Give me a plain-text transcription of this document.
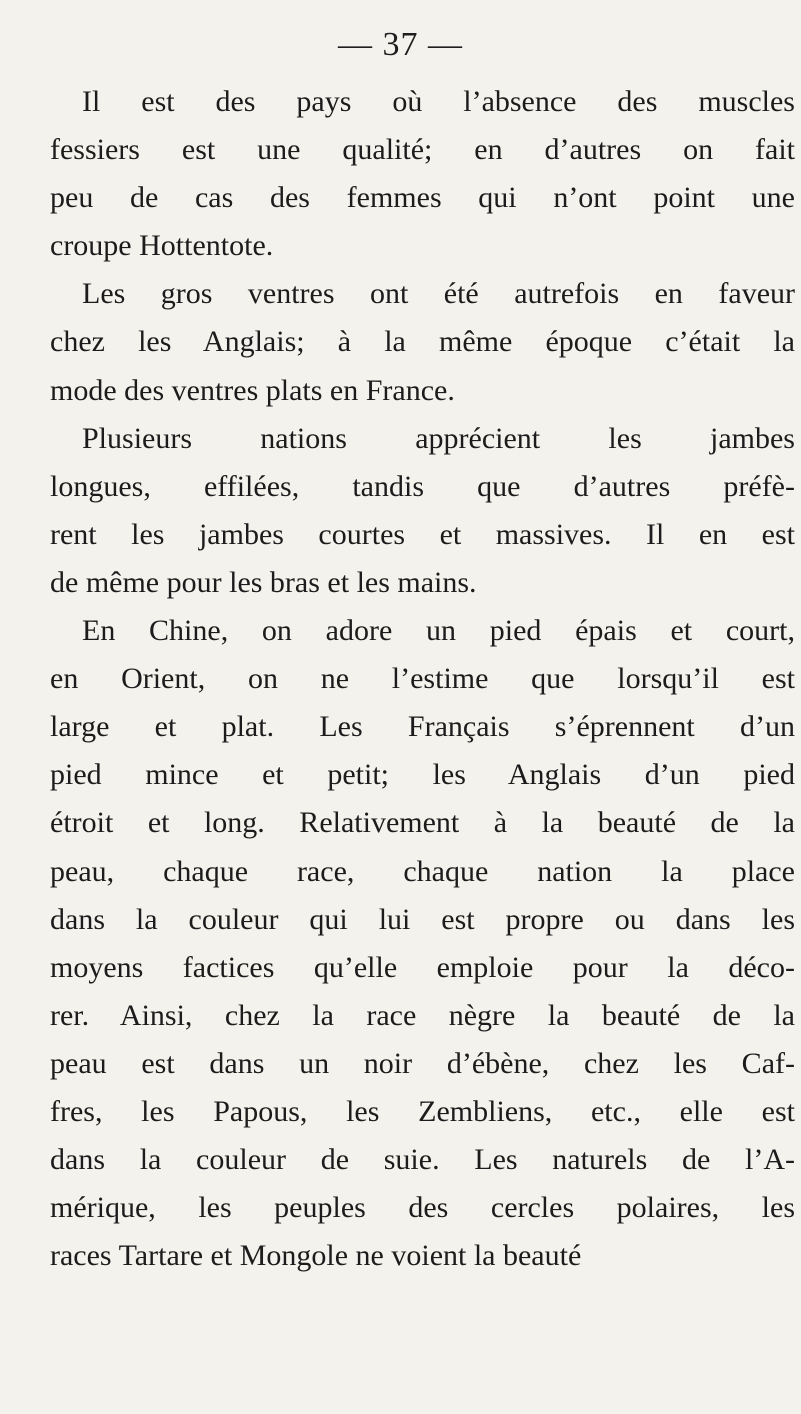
— 37 —
Il est des pays où l’absence des muscles
fessiers est une qualité; en d’autres on fait
peu de cas des femmes qui n’ont point une
croupe Hottentote.
Les gros ventres ont été autrefois en faveur
chez les Anglais; à la même époque c’était la
mode des ventres plats en France.
Plusieurs nations apprécient les jambes
longues, effilées, tandis que d’autres préfè-
rent les jambes courtes et massives. Il en est
de même pour les bras et les mains.
En Chine, on adore un pied épais et court,
en Orient, on ne l’estime que lorsqu’il est
large et plat. Les Français s’éprennent d’un
pied mince et petit; les Anglais d’un pied
étroit et long. Relativement à la beauté de la
peau, chaque race, chaque nation la place
dans la couleur qui lui est propre ou dans les
moyens factices qu’elle emploie pour la déco-
rer. Ainsi, chez la race nègre la beauté de la
peau est dans un noir d’ébène, chez les Caf-
fres, les Papous, les Zembliens, etc., elle est
dans la couleur de suie. Les naturels de l’A-
mérique, les peuples des cercles polaires, les
races Tartare et Mongole ne voient la beauté
